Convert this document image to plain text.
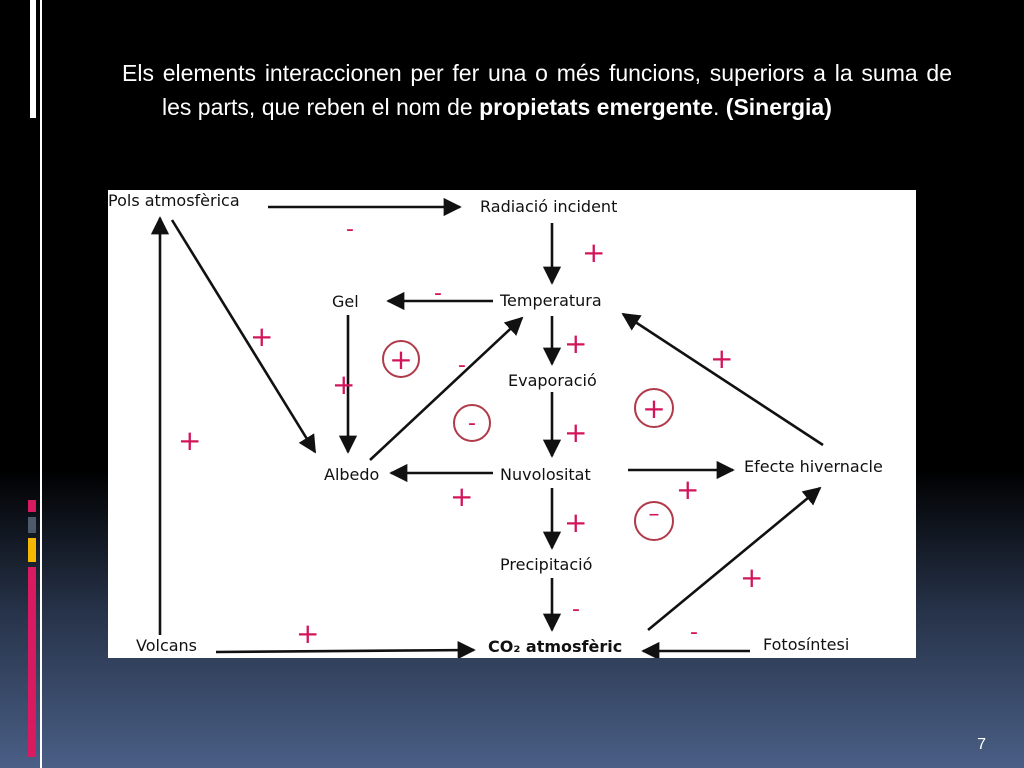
Els elements interaccionen per fer una o més funcions, superiors a la suma de les parts, que reben el nom de propietats emergente. (Sinergia)

Pols atmosfèrica	Radiació incident
Gel	Temperatura
Evaporació
Albedo	Nuvolositat	Efecte hivernacle
Precipitació
Volcans	CO₂ atmosfèric	Fotosíntesi
-
+
-
+
+
+
-
+	+
+
+	+
+
+
-
+	-
+
-	+
–
7
